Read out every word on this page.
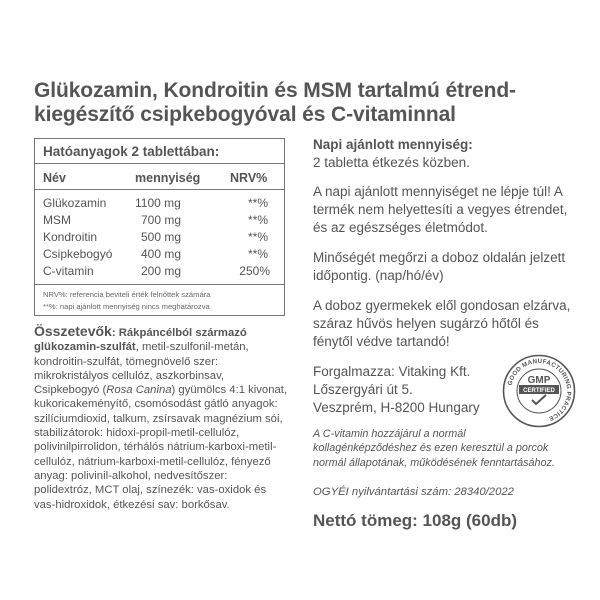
Glükozamin, Kondroitin és MSM tartalmú étrend-
kiegészítő csipkebogyóval és C-vitaminnal
Hatóanyagok 2 tablettában:
Név	mennyiség NRV%
Glükozamin 1100 mg	**%
MSM	700 mg	**%
Kondroitin	500 mg	**%
Csipkebogyó 400 mg	**%
C-vitamin	200 mg	250%
NRV%: referencia beviteli érték felnőttek számára
**%: napi ajánlott mennyiség nincs meghatározva
Összetevők: Rákpáncélból származó glükozamin-szulfát, metil-szulfonil-metán, kondroitin-szulfát, tömegnövelő szer: mikrokristályos cellulóz, aszkorbinsav, Csipkebogyó (Rosa Canina) gyümölcs 4:1 kivonat, kukoricakeményítő, csomósodást gátló anyagok: szilíciumdioxid, talkum, zsírsavak magnézium sói, stabilizátorok: hidoxi-propil-metil-cellulóz, polivinilpirrolidon, térhálós nátrium-karboxi-metil-cellulóz, nátrium-karboxi-metil-cellulóz, fényező anyag: polivinil-alkohol, nedvesítőszer: polidextróz, MCT olaj, színezék: vas-oxidok és vas-hidroxidok, étkezési sav: borkősav.
Napi ajánlott mennyiség:
2 tabletta étkezés közben.
A napi ajánlott mennyiséget ne lépje túl! A termék nem helyettesíti a vegyes étrendet, és az egészséges életmódot.
Minőségét megőrzi a doboz oldalán jelzett időpontig. (nap/hó/év)
A doboz gyermekek elől gondosan elzárva, száraz hűvös helyen sugárzó hőtől és fénytől védve tartandó!
Forgalmazza: Vitaking Kft.
Lőszergyári út 5.
Veszprém, H-8200 Hungary
GOOD MANUFACTURING PRACTICE
GMP
CERTIFIED
A C-vitamin hozzájárul a normál kollagénképződéshez és ezen keresztül a porcok normál állapotának, működésének fenntartásához.
OGYÉI nyilvántartási szám: 28340/2022
Nettó tömeg: 108g (60db)
